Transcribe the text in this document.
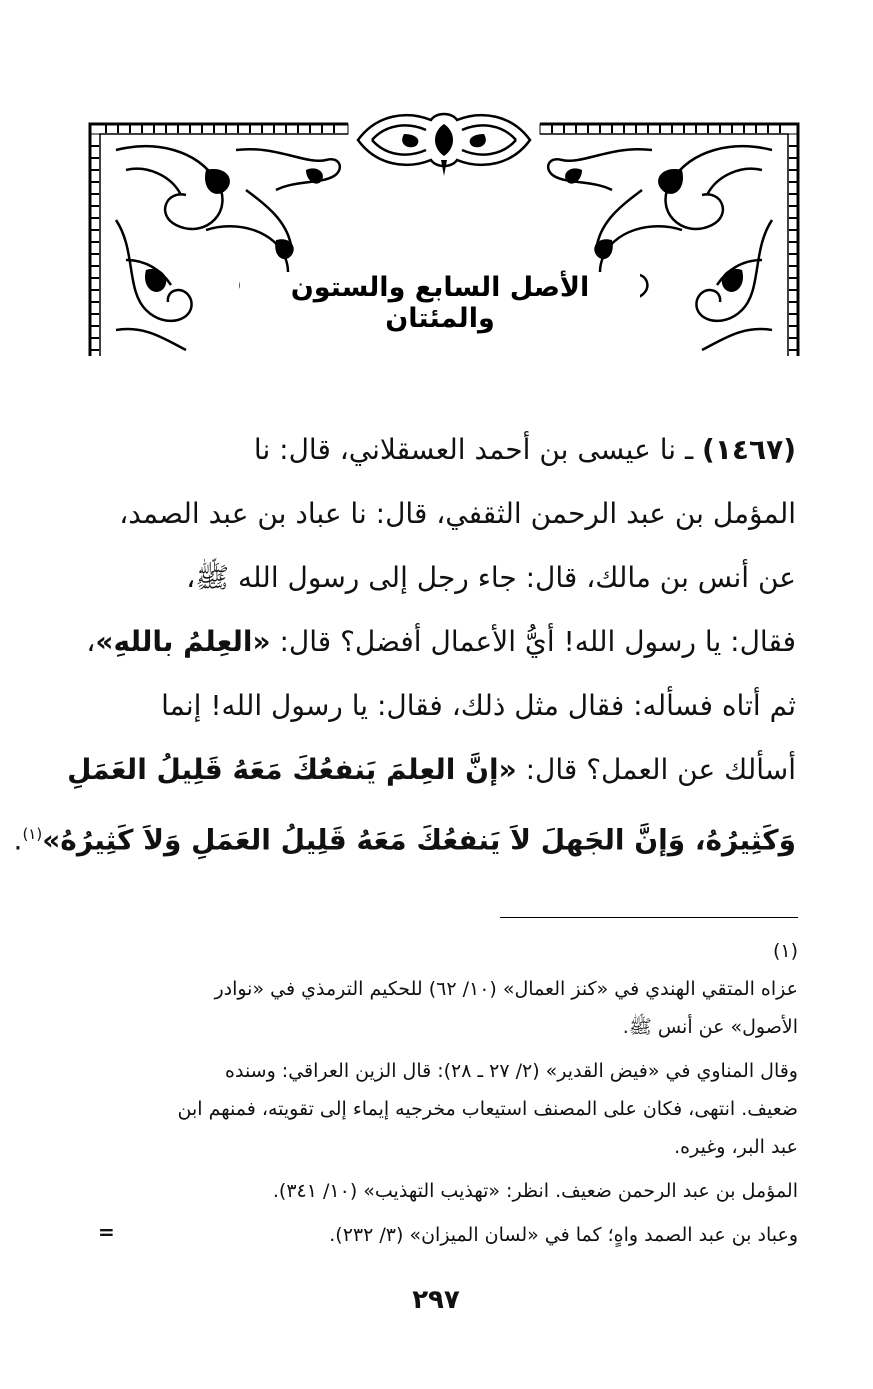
الأصل السابع والستون والمئتان
(١٤٦٧) ـ نا عيسى بن أحمد العسقلاني، قال: نا
المؤمل بن عبد الرحمن الثقفي، قال: نا عباد بن عبد الصمد،
عن أنس بن مالك، قال: جاء رجل إلى رسول الله ﷺ،
فقال: يا رسول الله! أيُّ الأعمال أفضل؟ قال: «العِلمُ باللهِ»،
ثم أتاه فسأله: فقال مثل ذلك، فقال: يا رسول الله! إنما
أسألك عن العمل؟ قال: «إنَّ العِلمَ يَنفعُكَ مَعَهُ قَلِيلُ العَمَلِ
وَكَثِيرُهُ، وَإنَّ الجَهلَ لاَ يَنفعُكَ مَعَهُ قَلِيلُ العَمَلِ وَلاَ كَثِيرُهُ»$^{(١)}$.
(١)
عزاه المتقي الهندي في «كنز العمال» (١٠/ ٦٢) للحكيم الترمذي في «نوادر
الأصول» عن أنس ﷺ.
وقال المناوي في «فيض القدير» (٢/ ٢٧ ـ ٢٨): قال الزين العراقي: وسنده
ضعيف. انتهى، فكان على المصنف استيعاب مخرجيه إيماء إلى تقويته، فمنهم ابن
عبد البر، وغيره.
المؤمل بن عبد الرحمن ضعيف. انظر: «تهذيب التهذيب» (١٠/ ٣٤١).
وعباد بن عبد الصمد واهٍ؛ كما في «لسان الميزان» (٣/ ٢٣٢).
=
٢٩٧
